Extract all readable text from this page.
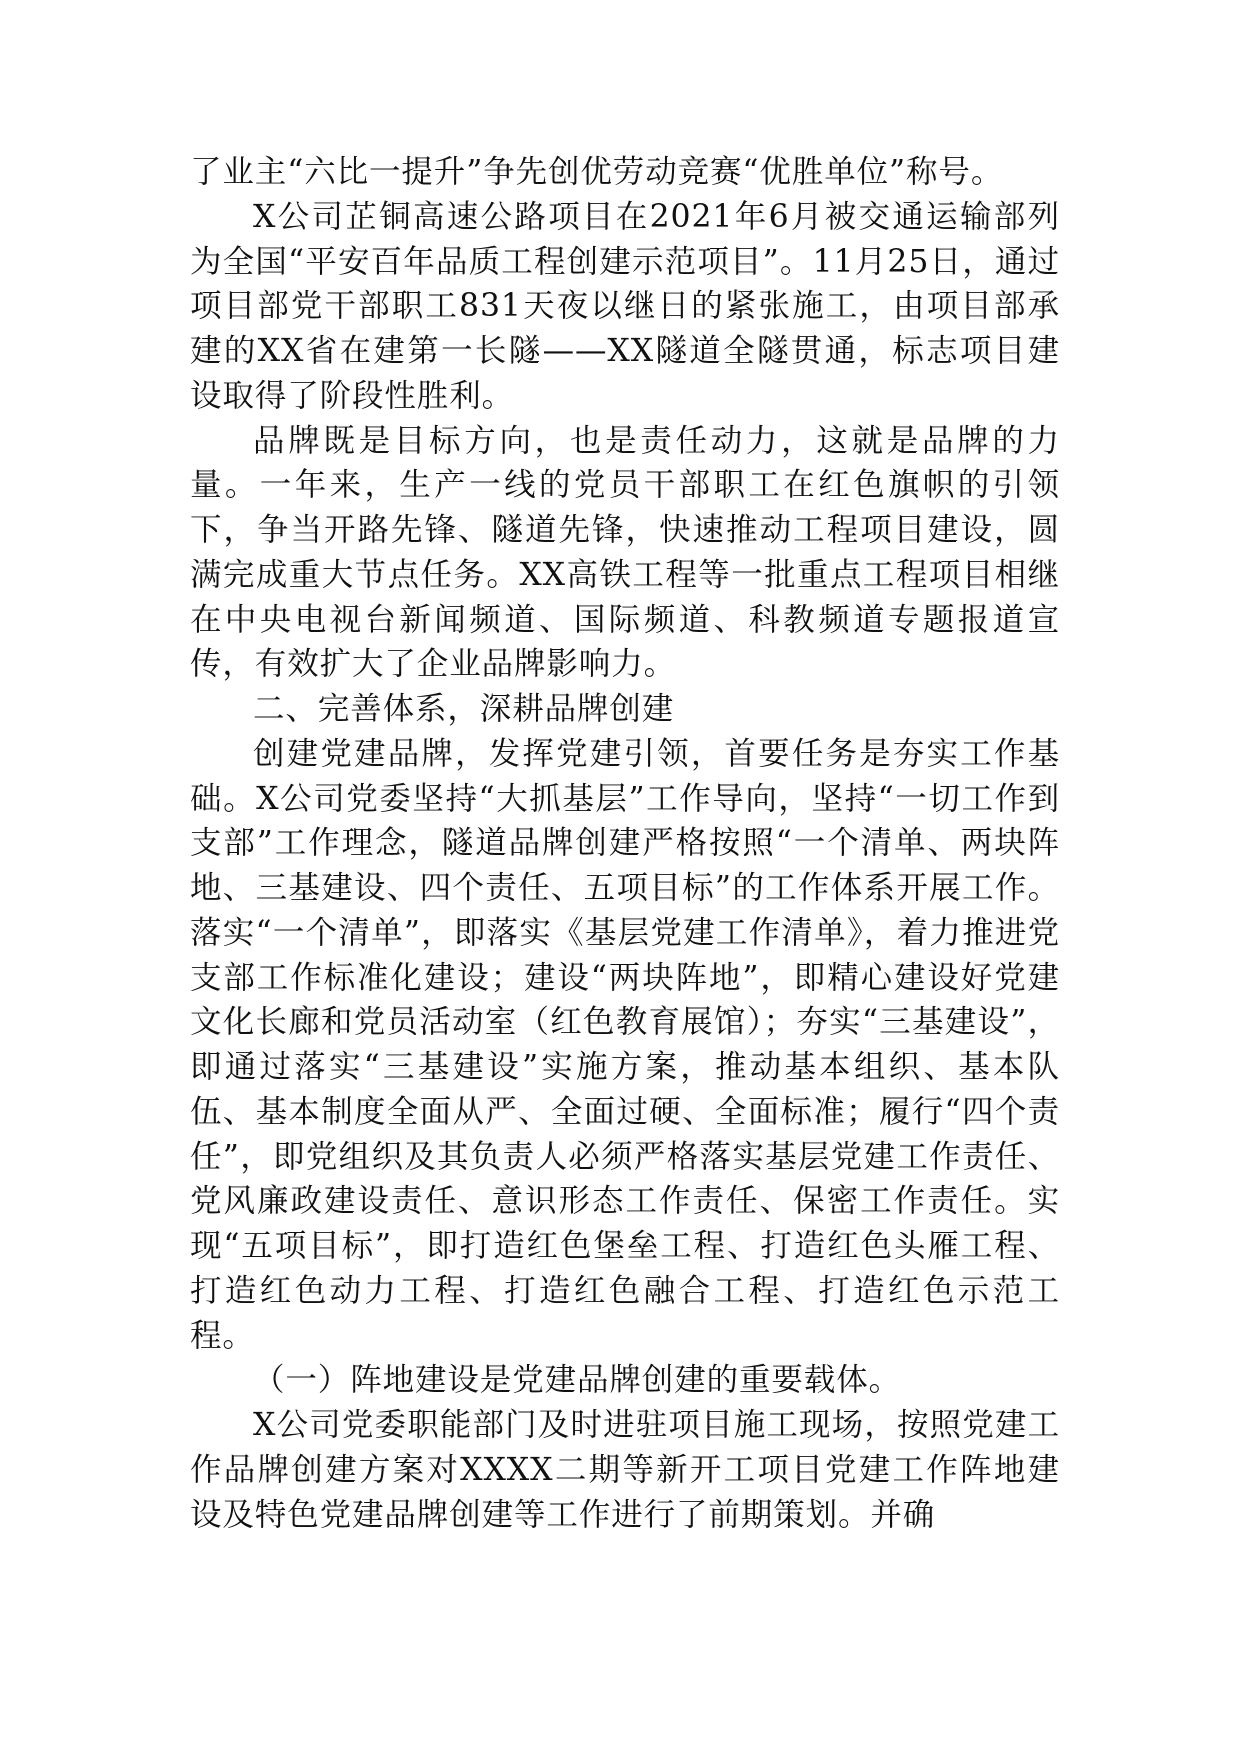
了业主“六比一提升”争先创优劳动竞赛“优胜单位”称号。

X公司芷铜高速公路项目在2021年6月被交通运输部列为全国“平安百年品质工程创建示范项目”。11月25日，通过项目部党干部职工831天夜以继日的紧张施工，由项目部承建的XX省在建第一长隧——XX隧道全隧贯通，标志项目建设取得了阶段性胜利。

品牌既是目标方向，也是责任动力，这就是品牌的力量。一年来，生产一线的党员干部职工在红色旗帜的引领下，争当开路先锋、隧道先锋，快速推动工程项目建设，圆满完成重大节点任务。XX高铁工程等一批重点工程项目相继在中央电视台新闻频道、国际频道、科教频道专题报道宣传，有效扩大了企业品牌影响力。

二、完善体系，深耕品牌创建

创建党建品牌，发挥党建引领，首要任务是夯实工作基础。X公司党委坚持“大抓基层”工作导向，坚持“一切工作到支部”工作理念，隧道品牌创建严格按照“一个清单、两块阵地、三基建设、四个责任、五项目标”的工作体系开展工作。落实“一个清单”，即落实《基层党建工作清单》，着力推进党支部工作标准化建设；建设“两块阵地”，即精心建设好党建文化长廊和党员活动室（红色教育展馆）；夯实“三基建设”，即通过落实“三基建设”实施方案，推动基本组织、基本队伍、基本制度全面从严、全面过硬、全面标准；履行“四个责任”，即党组织及其负责人必须严格落实基层党建工作责任、党风廉政建设责任、意识形态工作责任、保密工作责任。实现“五项目标”，即打造红色堡垒工程、打造红色头雁工程、打造红色动力工程、打造红色融合工程、打造红色示范工程。

（一）阵地建设是党建品牌创建的重要载体。

X公司党委职能部门及时进驻项目施工现场，按照党建工作品牌创建方案对XXXX二期等新开工项目党建工作阵地建设及特色党建品牌创建等工作进行了前期策划。并确
